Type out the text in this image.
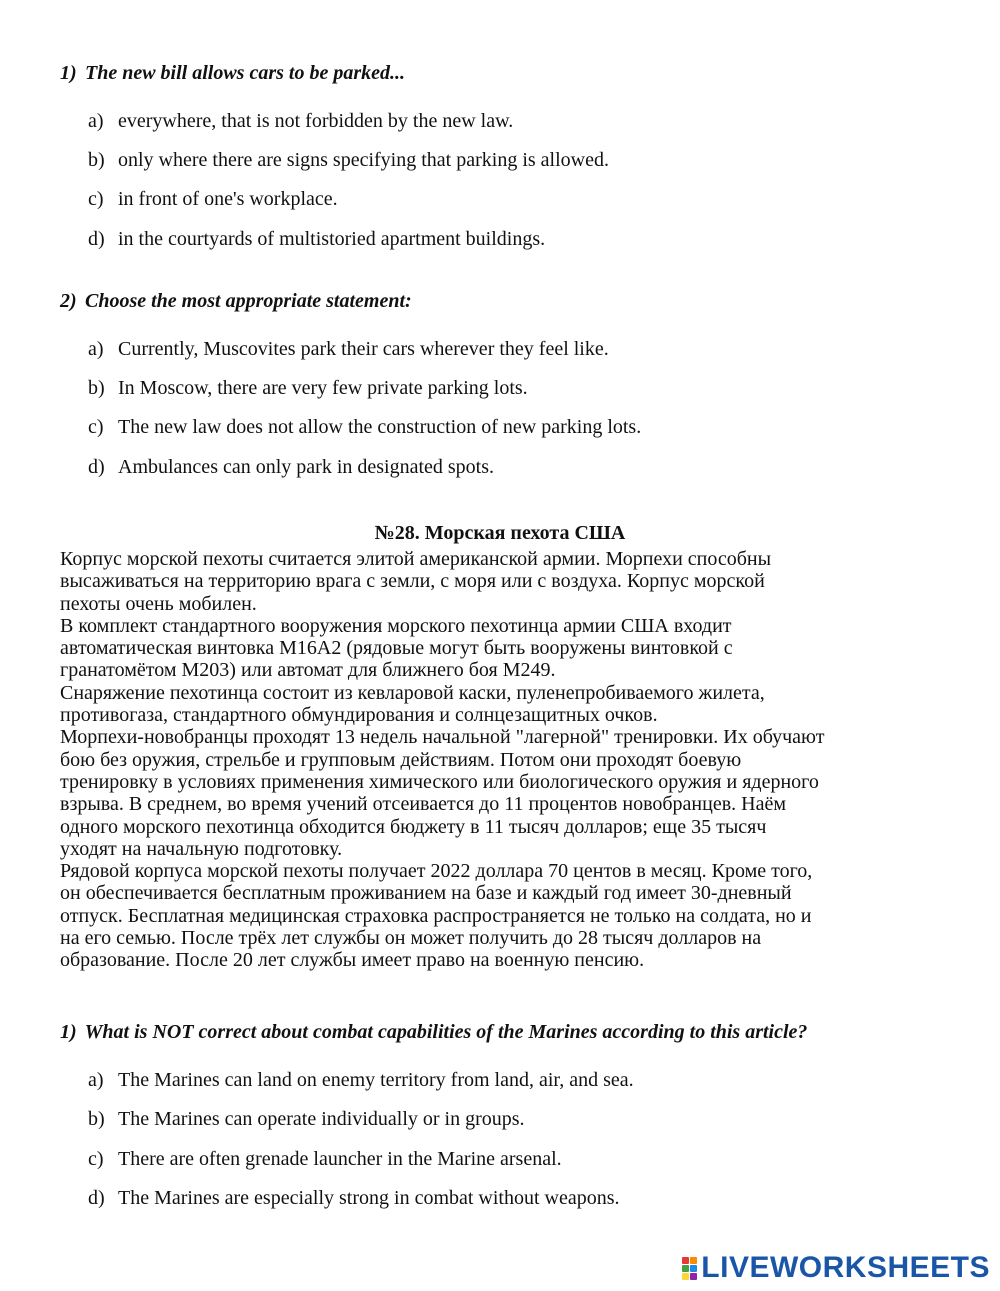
1) The new bill allows cars to be parked...
a) everywhere, that is not forbidden by the new law.
b) only where there are signs specifying that parking is allowed.
c) in front of one's workplace.
d) in the courtyards of multistoried apartment buildings.
2) Choose the most appropriate statement:
a) Currently, Muscovites park their cars wherever they feel like.
b) In Moscow, there are very few private parking lots.
c) The new law does not allow the construction of new parking lots.
d) Ambulances can only park in designated spots.
№28. Морская пехота США

Корпус морской пехоты считается элитой американской армии. Морпехи способны

высаживаться на территорию врага с земли, с моря или с воздуха. Корпус морской

пехоты очень мобилен.

В комплект стандартного вооружения морского пехотинца армии США входит

автоматическая винтовка M16A2 (рядовые могут быть вооружены винтовкой с

гранатомётом M203) или автомат для ближнего боя M249.

Снаряжение пехотинца состоит из кевларовой каски, пуленепробиваемого жилета,

противогаза, стандартного обмундирования и солнцезащитных очков.

Морпехи-новобранцы проходят 13 недель начальной "лагерной" тренировки. Их обучают

бою без оружия, стрельбе и групповым действиям. Потом они проходят боевую

тренировку в условиях применения химического или биологического оружия и ядерного

взрыва. В среднем, во время учений отсеивается до 11 процентов новобранцев. Наём

одного морского пехотинца обходится бюджету в 11 тысяч долларов; еще 35 тысяч

уходят на начальную подготовку.

Рядовой корпуса морской пехоты получает 2022 доллара 70 центов в месяц. Кроме того,

он обеспечивается бесплатным проживанием на базе и каждый год имеет 30-дневный

отпуск. Бесплатная медицинская страховка распространяется не только на солдата, но и

на его семью. После трёх лет службы он может получить до 28 тысяч долларов на

образование. После 20 лет службы имеет право на военную пенсию.

1) What is NOT correct about combat capabilities of the Marines according to this article?
a) The Marines can land on enemy territory from land, air, and sea.
b) The Marines can operate individually or in groups.
c) There are often grenade launcher in the Marine arsenal.
d) The Marines are especially strong in combat without weapons.
LIVEWORKSHEETS
